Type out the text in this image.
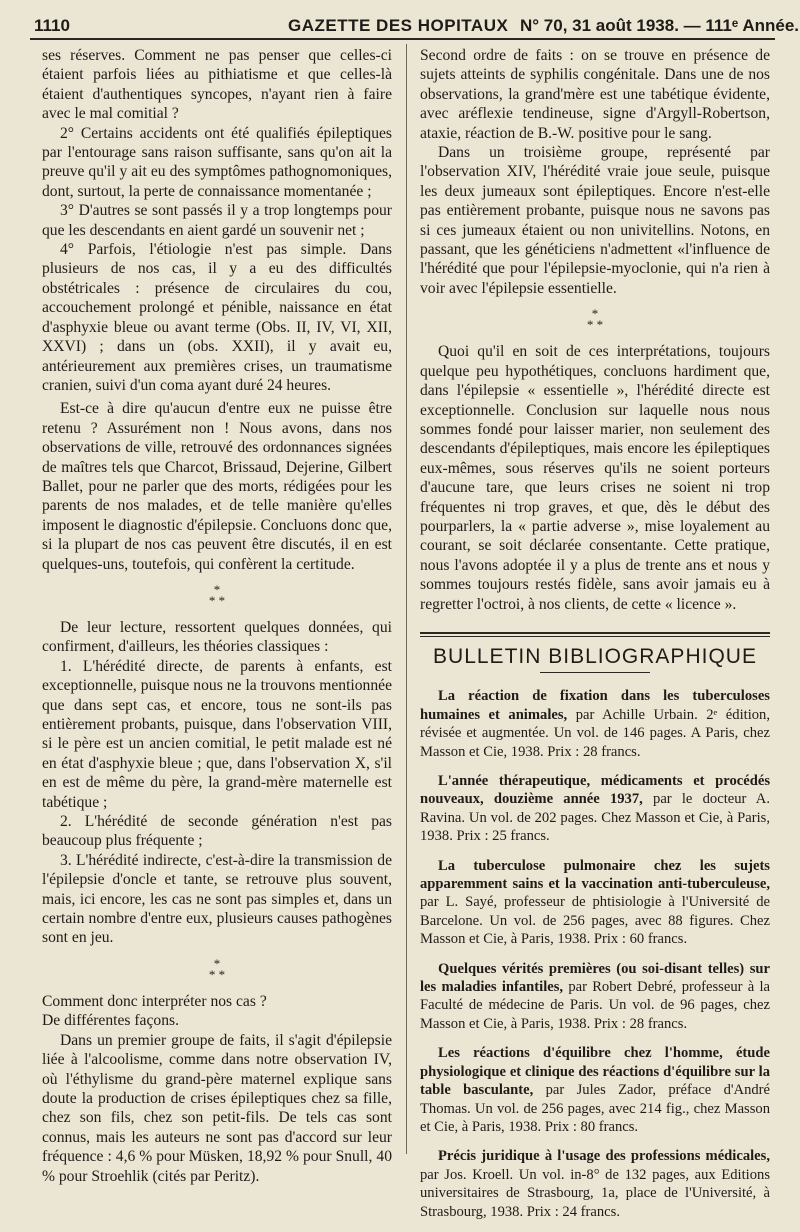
1110	GAZETTE DES HOPITAUX N° 70, 31 août 1938. — 111ᵉ Année.

ses réserves. Comment ne pas penser que celles-ci étaient parfois liées au pithiatisme et que celles-là étaient d'authentiques syncopes, n'ayant rien à faire avec le mal comitial ?

2° Certains accidents ont été qualifiés épileptiques par l'entourage sans raison suffisante, sans qu'on ait la preuve qu'il y ait eu des symptômes pathognomoniques, dont, surtout, la perte de connaissance momentanée ;

3° D'autres se sont passés il y a trop longtemps pour que les descendants en aient gardé un souvenir net ;

4° Parfois, l'étiologie n'est pas simple. Dans plusieurs de nos cas, il y a eu des difficultés obstétricales : présence de circulaires du cou, accouchement prolongé et pénible, naissance en état d'asphyxie bleue ou avant terme (Obs. II, IV, VI, XII, XXVI) ; dans un (obs. XXII), il y avait eu, antérieurement aux premières crises, un traumatisme cranien, suivi d'un coma ayant duré 24 heures.

Est-ce à dire qu'aucun d'entre eux ne puisse être retenu ? Assurément non ! Nous avons, dans nos observations de ville, retrouvé des ordonnances signées de maîtres tels que Charcot, Brissaud, Dejerine, Gilbert Ballet, pour ne parler que des morts, rédigées pour les parents de nos malades, et de telle manière qu'elles imposent le diagnostic d'épilepsie. Concluons donc que, si la plupart de nos cas peuvent être discutés, il en est quelques-uns, toutefois, qui confèrent la certitude.

*
* *

De leur lecture, ressortent quelques données, qui confirment, d'ailleurs, les théories classiques :

1. L'hérédité directe, de parents à enfants, est exceptionnelle, puisque nous ne la trouvons mentionnée que dans sept cas, et encore, tous ne sont-ils pas entièrement probants, puisque, dans l'observation VIII, si le père est un ancien comitial, le petit malade est né en état d'asphyxie bleue ; que, dans l'observation X, s'il en est de même du père, la grand-mère maternelle est tabétique ;

2. L'hérédité de seconde génération n'est pas beaucoup plus fréquente ;

3. L'hérédité indirecte, c'est-à-dire la transmission de l'épilepsie d'oncle et tante, se retrouve plus souvent, mais, ici encore, les cas ne sont pas simples et, dans un certain nombre d'entre eux, plusieurs causes pathogènes sont en jeu.

*
* *

Comment donc interpréter nos cas ?

De différentes façons.

Dans un premier groupe de faits, il s'agit d'épilepsie liée à l'alcoolisme, comme dans notre observation IV, où l'éthylisme du grand-père maternel explique sans doute la production de crises épileptiques chez sa fille, chez son fils, chez son petit-fils. De tels cas sont connus, mais les auteurs ne sont pas d'accord sur leur fréquence : 4,6 % pour Müsken, 18,92 % pour Snull, 40 % pour Stroehlik (cités par Peritz).

Second ordre de faits : on se trouve en présence de sujets atteints de syphilis congénitale. Dans une de nos observations, la grand'mère est une tabétique évidente, avec aréflexie tendineuse, signe d'Argyll-Robertson, ataxie, réaction de B.-W. positive pour le sang.

Dans un troisième groupe, représenté par l'observation XIV, l'hérédité vraie joue seule, puisque les deux jumeaux sont épileptiques. Encore n'est-elle pas entièrement probante, puisque nous ne savons pas si ces jumeaux étaient ou non univitellins. Notons, en passant, que les généticiens n'admettent «l'influence de l'hérédité que pour l'épilepsie-myoclonie, qui n'a rien à voir avec l'épilepsie essentielle.

*
* *

Quoi qu'il en soit de ces interprétations, toujours quelque peu hypothétiques, concluons hardiment que, dans l'épilepsie « essentielle », l'hérédité directe est exceptionnelle. Conclusion sur laquelle nous nous sommes fondé pour laisser marier, non seulement des descendants d'épileptiques, mais encore les épileptiques eux-mêmes, sous réserves qu'ils ne soient porteurs d'aucune tare, que leurs crises ne soient ni trop fréquentes ni trop graves, et que, dès le début des pourparlers, la « partie adverse », mise loyalement au courant, se soit déclarée consentante. Cette pratique, nous l'avons adoptée il y a plus de trente ans et nous y sommes toujours restés fidèle, sans avoir jamais eu à regretter l'octroi, à nos clients, de cette « licence ».

BULLETIN BIBLIOGRAPHIQUE

La réaction de fixation dans les tuberculoses humaines et animales, par Achille Urbain. 2ᵉ édition, révisée et augmentée. Un vol. de 146 pages. A Paris, chez Masson et Cie, 1938. Prix : 28 francs.

L'année thérapeutique, médicaments et procédés nouveaux, douzième année 1937, par le docteur A. Ravina. Un vol. de 202 pages. Chez Masson et Cie, à Paris, 1938. Prix : 25 francs.

La tuberculose pulmonaire chez les sujets apparemment sains et la vaccination anti-tuberculeuse, par L. Sayé, professeur de phtisiologie à l'Université de Barcelone. Un vol. de 256 pages, avec 88 figures. Chez Masson et Cie, à Paris, 1938. Prix : 60 francs.

Quelques vérités premières (ou soi-disant telles) sur les maladies infantiles, par Robert Debré, professeur à la Faculté de médecine de Paris. Un vol. de 96 pages, chez Masson et Cie, à Paris, 1938. Prix : 28 francs.

Les réactions d'équilibre chez l'homme, étude physiologique et clinique des réactions d'équilibre sur la table basculante, par Jules Zador, préface d'André Thomas. Un vol. de 256 pages, avec 214 fig., chez Masson et Cie, à Paris, 1938. Prix : 80 francs.

Précis juridique à l'usage des professions médicales, par Jos. Kroell. Un vol. in-8° de 132 pages, aux Editions universitaires de Strasbourg, 1a, place de l'Université, à Strasbourg, 1938. Prix : 24 francs.
